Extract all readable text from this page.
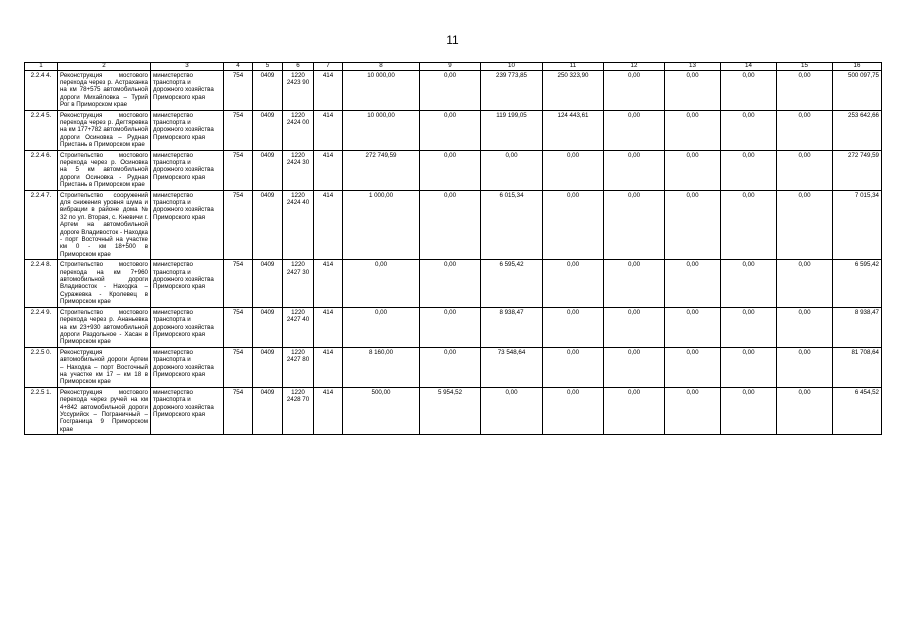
11
1	2	3	4	5	6	7	8	9	10	11	12	13	14	15	16
2.2.4 4.	Реконструкция мостового перехода через р. Астраханка на км 78+575 автомобильной дороги Михайловка – Турий Рог в Приморском крае	министерство транспорта и дорожного хозяйства Приморского края	754	0409	1220 2423 90	414	10 000,00	0,00	239 773,85	250 323,90	0,00	0,00	0,00	0,00	500 097,75
2.2.4 5.	Реконструкция мостового перехода через р. Дегтяревка на км 177+782 автомобильной дороги Осиновка – Рудная Пристань в Приморском крае	министерство транспорта и дорожного хозяйства Приморского края	754	0409	1220 2424 00	414	10 000,00	0,00	119 199,05	124 443,61	0,00	0,00	0,00	0,00	253 642,66
2.2.4 6.	Строительство мостового перехода через р. Осиновка на 5 км автомобильной дороги Осиновка - Рудная Пристань в Приморском крае	министерство транспорта и дорожного хозяйства Приморского края	754	0409	1220 2424 30	414	272 749,59	0,00	0,00	0,00	0,00	0,00	0,00	0,00	272 749,59
2.2.4 7.	Строительство сооружений для снижения уровня шума и вибрации в районе дома № 32 по ул. Вторая, с. Кневичи г. Артем на автомобильной дороге Владивосток - Находка - порт Восточный на участке км 0 - км 18+500 в Приморском крае	министерство транспорта и дорожного хозяйства Приморского края	754	0409	1220 2424 40	414	1 000,00	0,00	6 015,34	0,00	0,00	0,00	0,00	0,00	7 015,34
2.2.4 8.	Строительство мостового перехода на км 7+960 автомобильной дороги Владивосток - Находка – Суражевка - Кролевец в Приморском крае	министерство транспорта и дорожного хозяйства Приморского края	754	0409	1220 2427 30	414	0,00	0,00	6 595,42	0,00	0,00	0,00	0,00	0,00	6 595,42
2.2.4 9.	Строительство мостового перехода через р. Ананьевка на км 23+930 автомобильной дороги Раздольное - Хасан в Приморском крае	министерство транспорта и дорожного хозяйства Приморского края	754	0409	1220 2427 40	414	0,00	0,00	8 938,47	0,00	0,00	0,00	0,00	0,00	8 938,47
2.2.5 0.	Реконструкция автомобильной дороги Артем – Находка – порт Восточный на участке км 17 – км 18 в Приморском крае	министерство транспорта и дорожного хозяйства Приморского края	754	0409	1220 2427 80	414	8 160,00	0,00	73 548,64	0,00	0,00	0,00	0,00	0,00	81 708,64
2.2.5 1.	Реконструкция мостового перехода через ручей на км 4+842 автомобильной дороги Уссурийск – Пограничный – Госграница 9 Приморском крае	министерство транспорта и дорожного хозяйства Приморского края	754	0409	1220 2428 70	414	500,00	5 954,52	0,00	0,00	0,00	0,00	0,00	0,00	6 454,52
